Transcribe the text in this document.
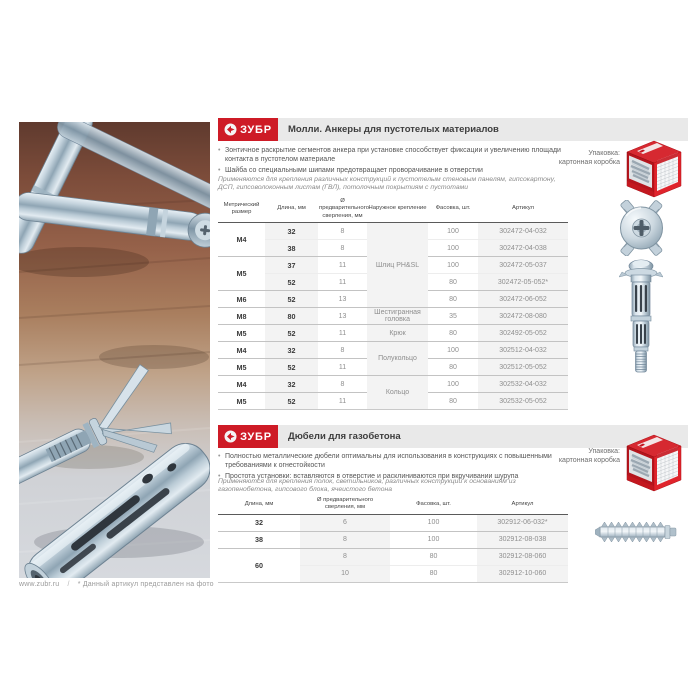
ЗУБР Молли. Анкеры для пустотелых материалов
• Зонтичное раскрытие сегментов анкера при установке способствует фиксации и увеличению площади контакта в пустотелом материале
• Шайба со специальными шипами предотвращает проворачивание в отверстии

Применяются для крепления различных конструкций к пустотелым стеновым панелям, гипсокартону, ДСП, гипсоволоконным листам (ГВЛ), потолочным покрытиям с пустотами

Упаковка:
картонная коробка
Метрический размер	Длина, мм	Ø предварительного сверления, мм	Наружное крепление	Фасовка, шт.	Артикул
М4	32	8	Шлиц PH&SL	100	302472-04-032
	38	8		100	302472-04-038
М5	37	11		100	302472-05-037
	52	11		80	302472-05-052*
М6	52	13		80	302472-06-052
М8	80	13	Шестигранная головка	35	302472-08-080
М5	52	11	Крюк	80	302492-05-052
М4	32	8	Полукольцо	100	302512-04-032
М5	52	11		80	302512-05-052
М4	32	8	Кольцо	100	302532-04-032
М5	52	11		80	302532-05-052
ЗУБР Дюбели для газобетона
• Полностью металлические дюбели оптимальны для использования в конструкциях с повышенными требованиями к огнестойкости
• Простота установки: вставляются в отверстие и расклиниваются при вкручивании шурупа

Применяются для крепления полок, светильников, различных конструкций к основаниям из газопенобетона, гипсового блока, ячеистого бетона

Упаковка:
картонная коробка
Длина, мм	Ø предварительного сверления, мм	Фасовка, шт.	Артикул
32	6	100	302912-06-032*
38	8	100	302912-08-038
60	8	80	302912-08-060
	10	80	302912-10-060
www.zubr.ru / * Данный артикул представлен на фото
